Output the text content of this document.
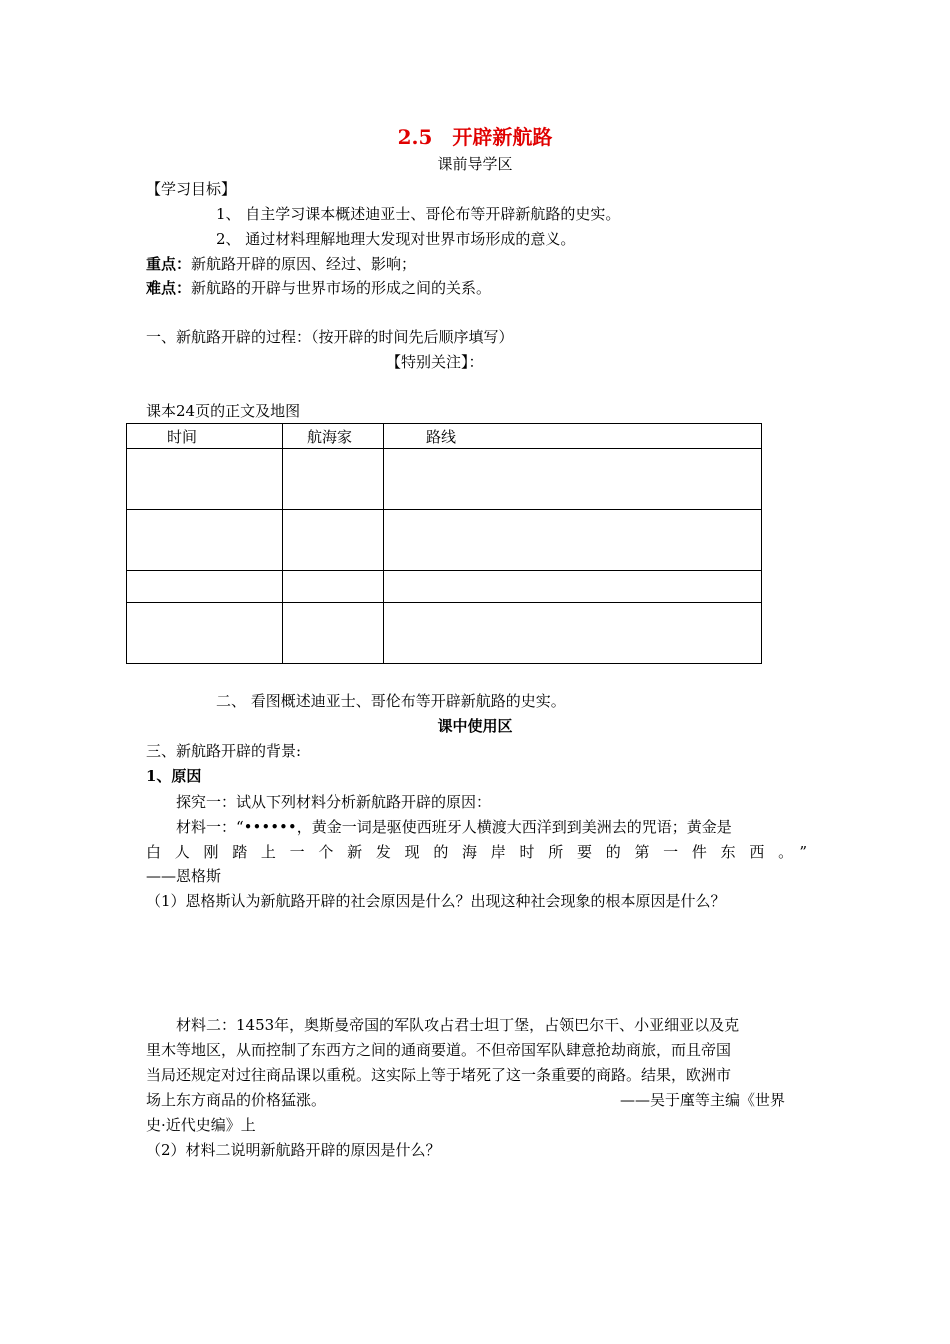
2.5　开辟新航路
课前导学区
【学习目标】
1、 自主学习课本概述迪亚士、哥伦布等开辟新航路的史实。
2、 通过材料理解地理大发现对世界市场形成的意义。
重点：新航路开辟的原因、经过、影响；
难点：新航路的开辟与世界市场的形成之间的关系。
一、新航路开辟的过程：（按开辟的时间先后顺序填写）
【特别关注】：
课本24页的正文及地图
时间	航海家	路线

二、 看图概述迪亚士、哥伦布等开辟新航路的史实。
课中使用区
三、新航路开辟的背景:
1、原因
探究一：试从下列材料分析新航路开辟的原因：
材料一：“••••••，黄金一词是驱使西班牙人横渡大西洋到到美洲去的咒语；黄金是
白人刚踏上一个新发现的海岸时所要的第一件东西。”
——恩格斯
（1）恩格斯认为新航路开辟的社会原因是什么？出现这种社会现象的根本原因是什么？
材料二：1453年，奥斯曼帝国的军队攻占君士坦丁堡，占领巴尔干、小亚细亚以及克
里木等地区，从而控制了东西方之间的通商要道。不但帝国军队肆意抢劫商旅，而且帝国
当局还规定对过往商品课以重税。这实际上等于堵死了这一条重要的商路。结果，欧洲市
场上东方商品的价格猛涨。	——吴于廑等主编《世界
史·近代史编》上
（2）材料二说明新航路开辟的原因是什么？
